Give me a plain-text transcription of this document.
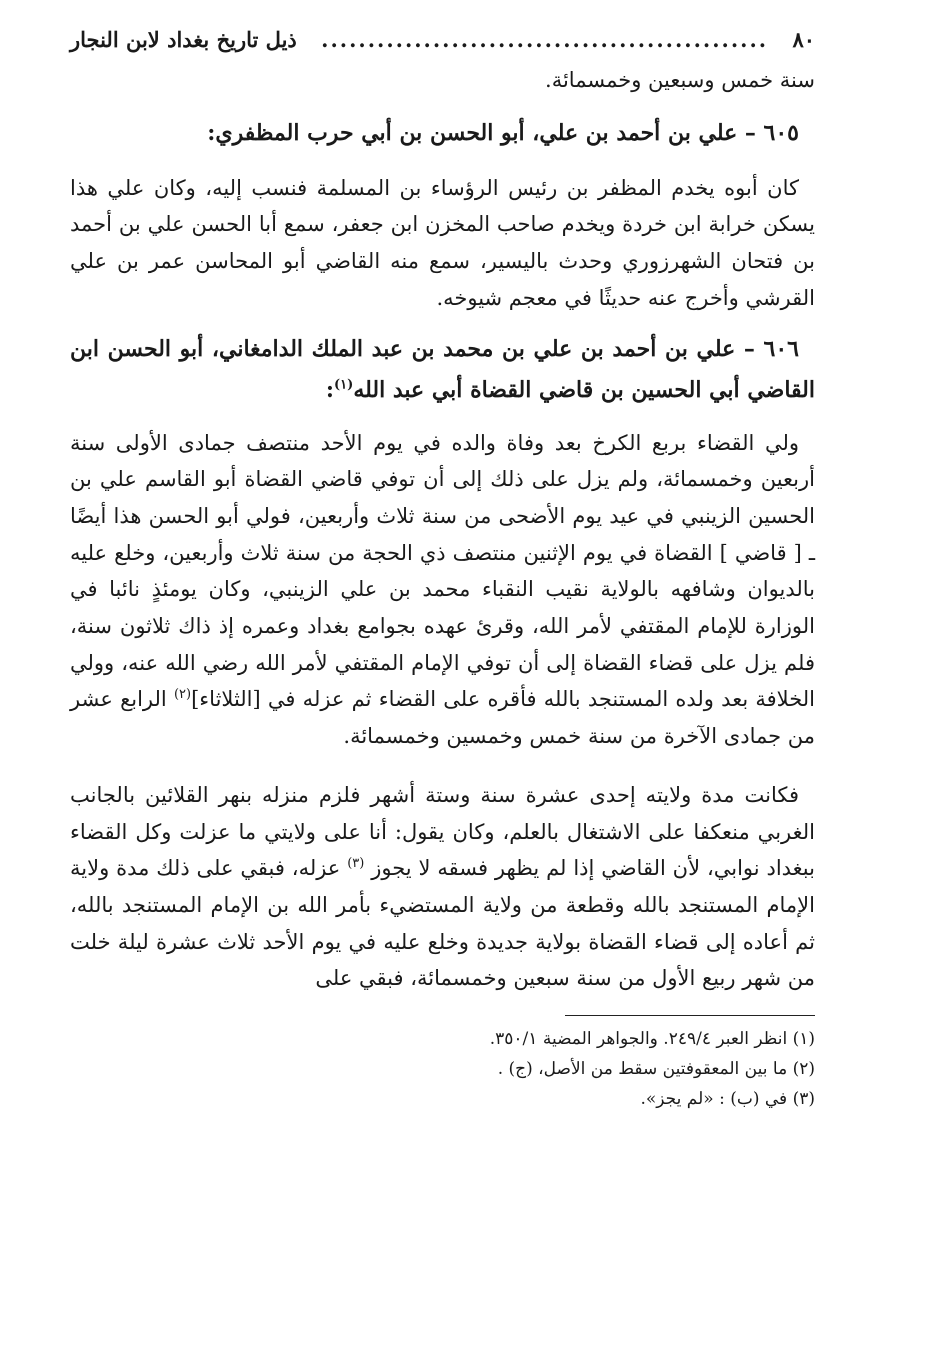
٨٠
................................................
ذيل تاريخ بغداد لابن النجار

سنة خمس وسبعين وخمسمائة.

٦٠٥ – علي بن أحمد بن علي، أبو الحسن بن أبي حرب المظفري:

كان أبوه يخدم المظفر بن رئيس الرؤساء بن المسلمة فنسب إليه، وكان علي هذا يسكن خرابة ابن خردة ويخدم صاحب المخزن ابن جعفر، سمع أبا الحسن علي بن أحمد بن فتحان الشهرزوري وحدث باليسير، سمع منه القاضي أبو المحاسن عمر بن علي القرشي وأخرج عنه حديثًا في معجم شيوخه.

٦٠٦ – علي بن أحمد بن علي بن محمد بن عبد الملك الدامغاني، أبو الحسن ابن القاضي أبي الحسين بن قاضي القضاة أبي عبد الله$^{(١)}$:

ولي القضاء بربع الكرخ بعد وفاة والده في يوم الأحد منتصف جمادى الأولى سنة أربعين وخمسمائة، ولم يزل على ذلك إلى أن توفي قاضي القضاة أبو القاسم علي بن الحسين الزينبي في عيد يوم الأضحى من سنة ثلاث وأربعين، فولي أبو الحسن هذا أيضًا ـ [ قاضي ] القضاة في يوم الإثنين منتصف ذي الحجة من سنة ثلاث وأربعين، وخلع عليه بالديوان وشافهه بالولاية نقيب النقباء محمد بن علي الزينبي، وكان يومئذٍ نائبا في الوزارة للإمام المقتفي لأمر الله، وقرئ عهده بجوامع بغداد وعمره إذ ذاك ثلاثون سنة، فلم يزل على قضاء القضاة إلى أن توفي الإمام المقتفي لأمر الله رضي الله عنه، وولي الخلافة بعد ولده المستنجد بالله فأقره على القضاء ثم عزله في [الثلاثاء]$^{(٢)}$ الرابع عشر من جمادى الآخرة من سنة خمس وخمسين وخمسمائة.

فكانت مدة ولايته إحدى عشرة سنة وستة أشهر فلزم منزله بنهر القلائين بالجانب الغربي منعكفا على الاشتغال بالعلم، وكان يقول: أنا على ولايتي ما عزلت وكل القضاء ببغداد نوابي، لأن القاضي إذا لم يظهر فسقه لا يجوز $^{(٣)}$ عزله، فبقي على ذلك مدة ولاية الإمام المستنجد بالله وقطعة من ولاية المستضيء بأمر الله بن الإمام المستنجد بالله، ثم أعاده إلى قضاء القضاة بولاية جديدة وخلع عليه في يوم الأحد ثلاث عشرة ليلة خلت من شهر ربيع الأول من سنة سبعين وخمسمائة، فبقي على

(١) انظر العبر ٢٤٩/٤. والجواهر المضية ٣٥٠/١.

(٢) ما بين المعقوفتين سقط من الأصل، (ج) .

(٣) في (ب) : «لم يجز».
